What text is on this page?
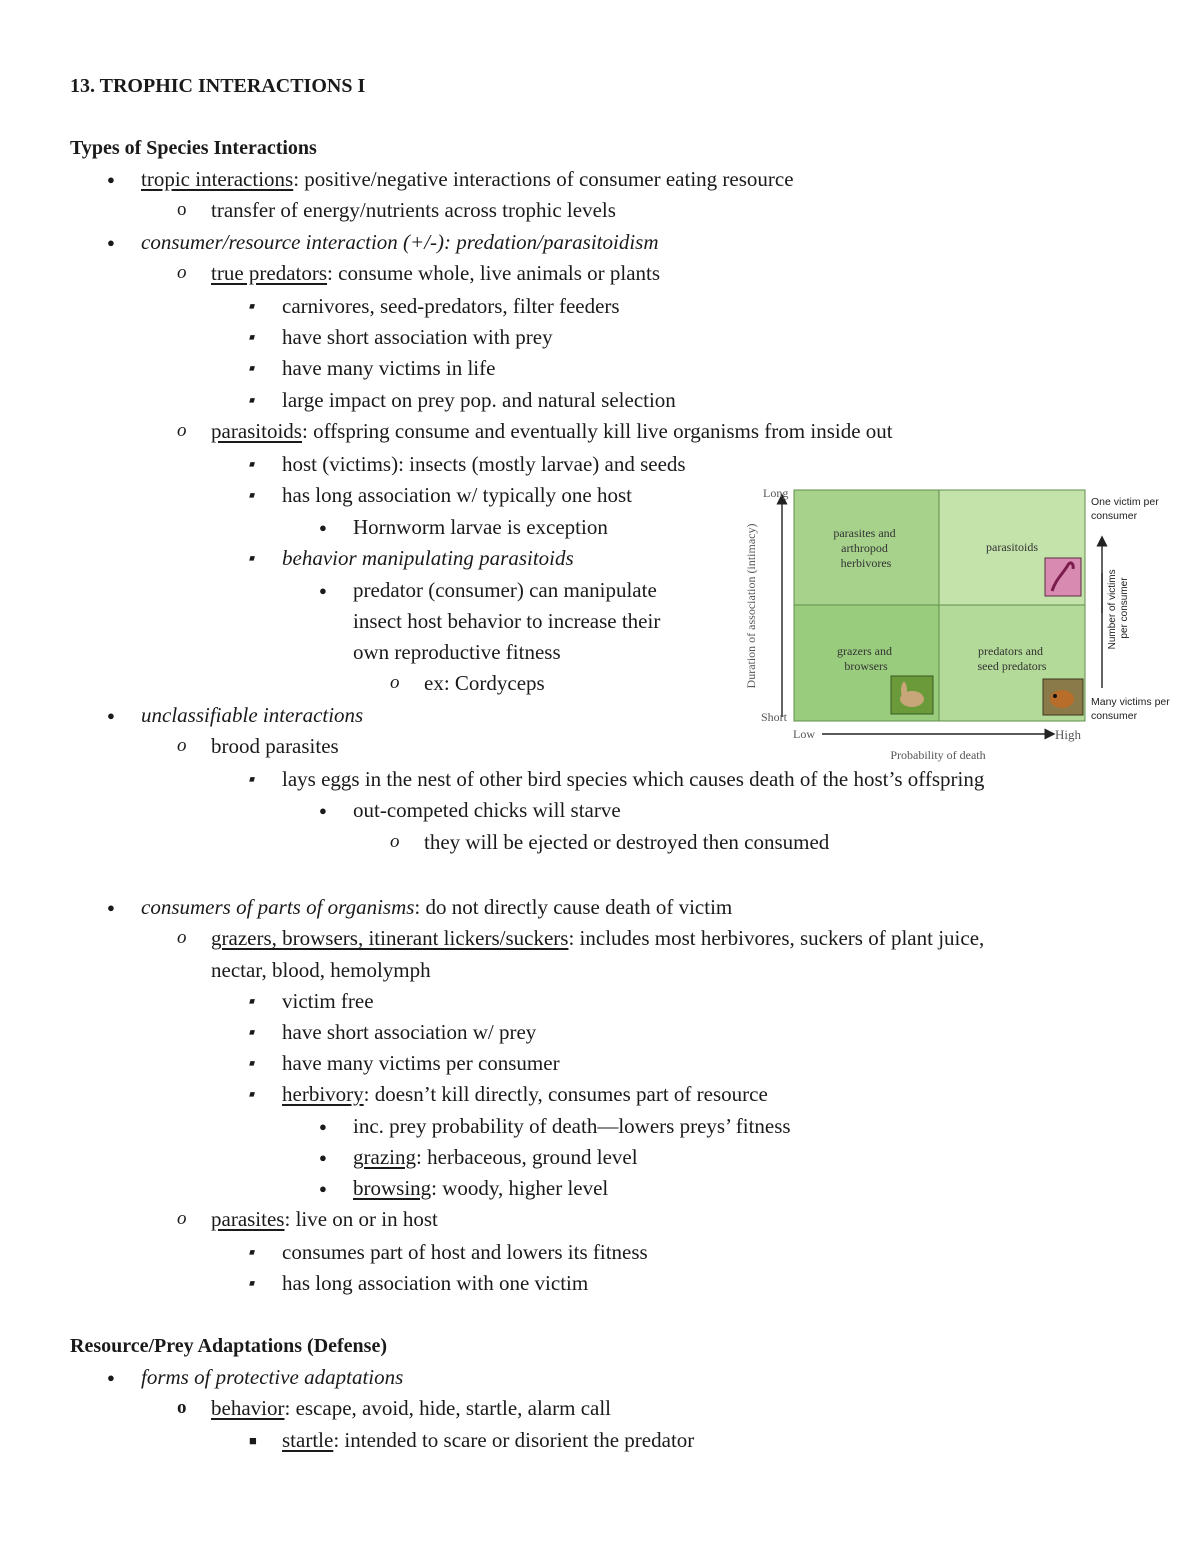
13. TROPHIC INTERACTIONS I
Types of Species Interactions
●
tropic interactions: positive/negative interactions of consumer eating resource
o
transfer of energy/nutrients across trophic levels
●
consumer/resource interaction (+/-): predation/parasitoidism
o
true predators: consume whole, live animals or plants
▪
carnivores, seed-predators, filter feeders
▪
have short association with prey
▪
have many victims in life
▪
large impact on prey pop. and natural selection
o
parasitoids: offspring consume and eventually kill live organisms from inside out
▪
host (victims): insects (mostly larvae) and seeds
▪
has long association w/ typically one host
●
Hornworm larvae is exception
▪
behavior manipulating parasitoids
●
predator (consumer) can manipulate
insect host behavior to increase their
own reproductive fitness
o
ex: Cordyceps
●
unclassifiable interactions
o
brood parasites
▪
lays eggs in the nest of other bird species which causes death of the host’s offspring
●
out-competed chicks will starve
o
they will be ejected or destroyed then consumed
●
consumers of parts of organisms: do not directly cause death of victim
o
grazers, browsers, itinerant lickers/suckers: includes most herbivores, suckers of plant juice,
nectar, blood, hemolymph
▪
victim free
▪
have short association w/ prey
▪
have many victims per consumer
▪
herbivory: doesn’t kill directly, consumes part of resource
●
inc. prey probability of death—lowers preys’ fitness
●
grazing: herbaceous, ground level
●
browsing: woody, higher level
o
parasites: live on or in host
▪
consumes part of host and lowers its fitness
▪
has long association with one victim
Resource/Prey Adaptations (Defense)
●
forms of protective adaptations
o
behavior: escape, avoid, hide, startle, alarm call
■
startle: intended to scare or disorient the predator
parasites and arthropod herbivores
parasitoids
grazers and browsers
predators and seed predators
Long
Short
Low	High
Probability of death
Duration of association (intimacy)
One victim per consumer
Many victims per consumer
Number of victims per consumer
